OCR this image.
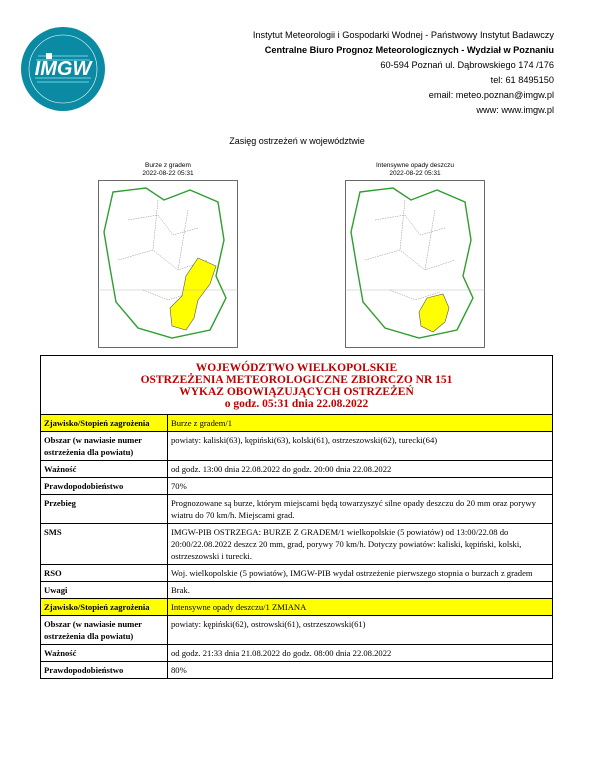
IMGW
Instytut Meteorologii i Gospodarki Wodnej - Państwowy Instytut Badawczy
Centralne Biuro Prognoz Meteorologicznych - Wydział w Poznaniu
60-594 Poznań ul. Dąbrowskiego 174 /176
tel: 61 8495150
email: meteo.poznan@imgw.pl
www: www.imgw.pl
Zasięg ostrzeżeń w województwie
Burze z gradem
2022-08-22 05:31
Intensywne opady deszczu
2022-08-22 05:31
WOJEWÓDZTWO WIELKOPOLSKIE
OSTRZEŻENIA METEOROLOGICZNE ZBIORCZO NR 151
WYKAZ OBOWIĄZUJĄCYCH OSTRZEŻEŃ
o godz. 05:31 dnia 22.08.2022	

Zjawisko/Stopień zagrożenia	Burze z gradem/1
Obszar (w nawiasie numer ostrzeżenia dla powiatu)	powiaty: kaliski(63), kępiński(63), kolski(61), ostrzeszowski(62), turecki(64)
Ważność	od godz. 13:00 dnia 22.08.2022 do godz. 20:00 dnia 22.08.2022
Prawdopodobieństwo	70%
Przebieg	Prognozowane są burze, którym miejscami będą towarzyszyć silne opady deszczu do 20 mm oraz porywy wiatru do 70 km/h. Miejscami grad.
SMS	IMGW-PIB OSTRZEGA: BURZE Z GRADEM/1 wielkopolskie (5 powiatów) od 13:00/22.08 do 20:00/22.08.2022 deszcz 20 mm, grad, porywy 70 km/h. Dotyczy powiatów: kaliski, kępiński, kolski, ostrzeszowski i turecki.
RSO	Woj. wielkopolskie (5 powiatów), IMGW-PIB wydał ostrzeżenie pierwszego stopnia o burzach z gradem
Uwagi	Brak.
Zjawisko/Stopień zagrożenia	Intensywne opady deszczu/1 ZMIANA
Obszar (w nawiasie numer ostrzeżenia dla powiatu)	powiaty: kępiński(62), ostrowski(61), ostrzeszowski(61)
Ważność	od godz. 21:33 dnia 21.08.2022 do godz. 08:00 dnia 22.08.2022
Prawdopodobieństwo	80%
